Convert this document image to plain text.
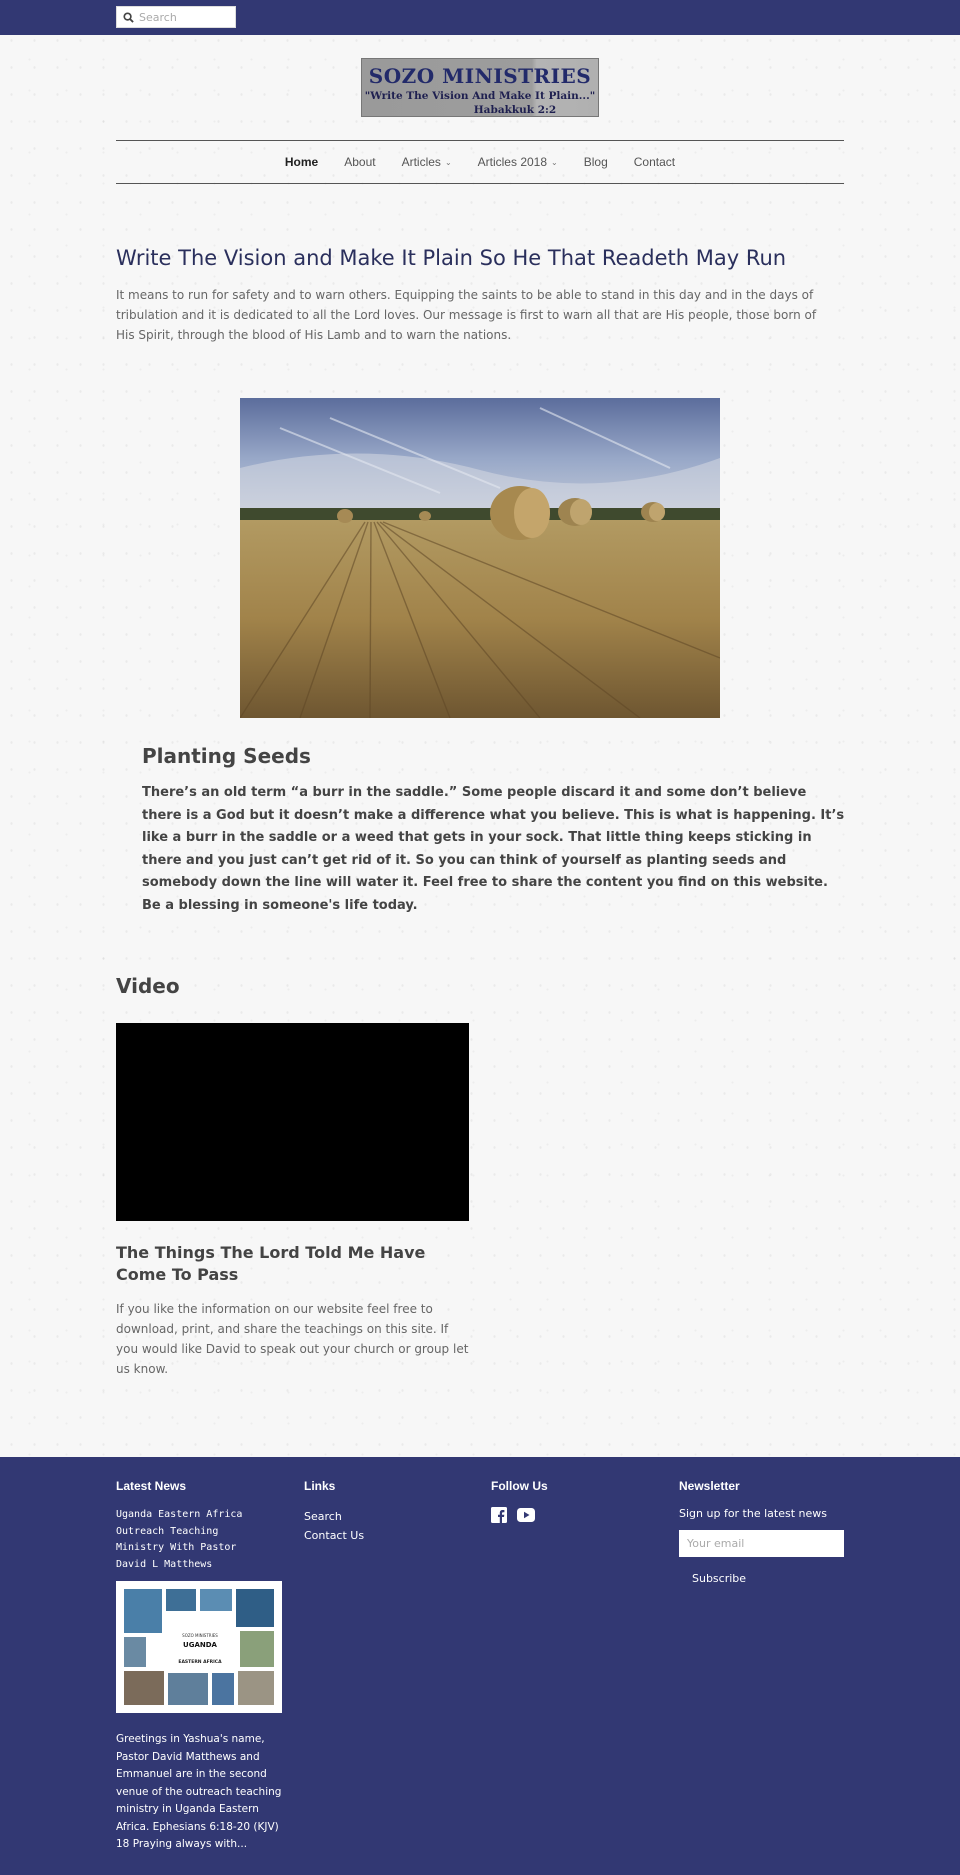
Search
SOZO MINISTRIES
"Write The Vision And Make It Plain..."
Habakkuk 2:2
Home About Articles ⌄ Articles 2018 ⌄ Blog Contact
Write The Vision and Make It Plain So He That Readeth May Run

It means to run for safety and to warn others. Equipping the saints to be able to stand in this day and in the days of tribulation and it is dedicated to all the Lord loves. Our message is first to warn all that are His people, those born of His Spirit, through the blood of His Lamb and to warn the nations.

Planting Seeds

There’s an old term “a burr in the saddle.” Some people discard it and some don’t believe there is a God but it doesn’t make a difference what you believe. This is what is happening. It’s like a burr in the saddle or a weed that gets in your sock. That little thing keeps sticking in there and you just can’t get rid of it. So you can think of yourself as planting seeds and somebody down the line will water it. Feel free to share the content you find on this website. Be a blessing in someone's life today.

Video
The Things The Lord Told Me Have Come To Pass

If you like the information on our website feel free to download, print, and share the teachings on this site. If you would like David to speak out your church or group let us know.

Latest News
Uganda Eastern Africa Outreach Teaching Ministry With Pastor David L Matthews
SOZO MINISTRIES
UGANDA
EASTERN AFRICA

Greetings in Yashua's name, Pastor David Matthews and Emmanuel are in the second venue of the outreach teaching ministry in Uganda Eastern Africa. Ephesians 6:18-20 (KJV) 18 Praying always with...

Links
Search
Contact Us
Follow Us	Newsletter
Sign up for the latest news
Your email
Subscribe
